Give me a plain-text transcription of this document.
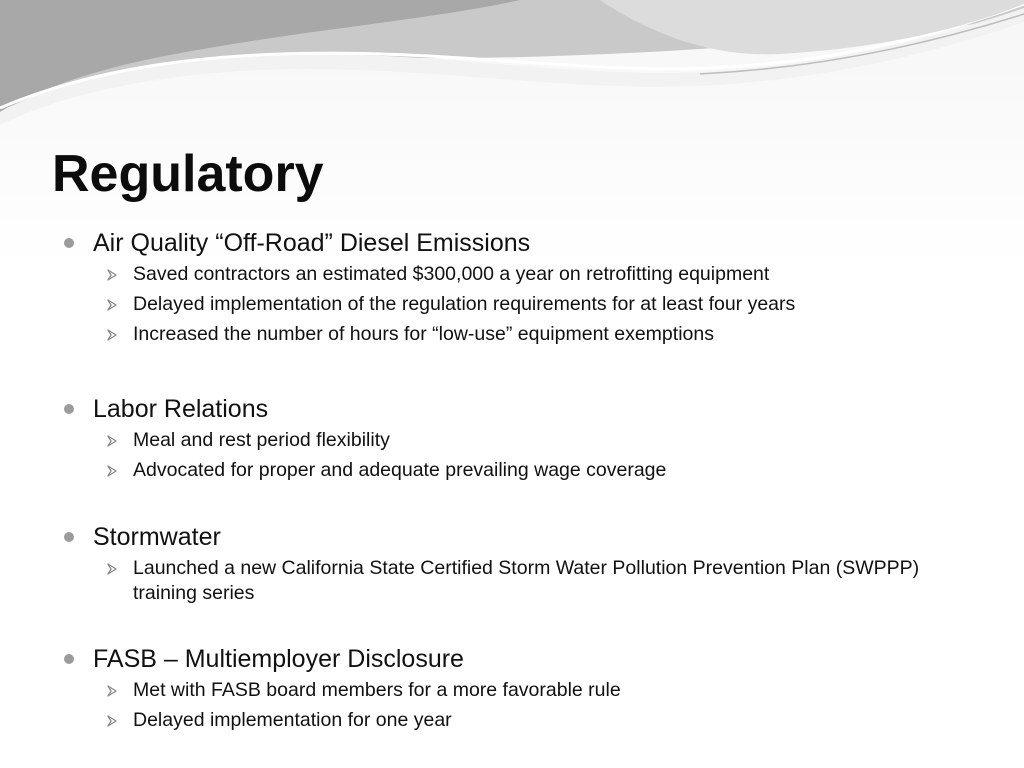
Regulatory
Air Quality “Off-Road” Diesel Emissions
Saved contractors an estimated $300,000 a year on retrofitting equipment
Delayed implementation of the regulation requirements for at least four years
Increased the number of hours for “low-use” equipment exemptions
Labor Relations
Meal and rest period flexibility
Advocated for proper and adequate prevailing wage coverage
Stormwater
Launched a new California State Certified Storm Water Pollution Prevention Plan (SWPPP) training series
FASB – Multiemployer Disclosure
Met with FASB board members for a more favorable rule
Delayed implementation for one year
